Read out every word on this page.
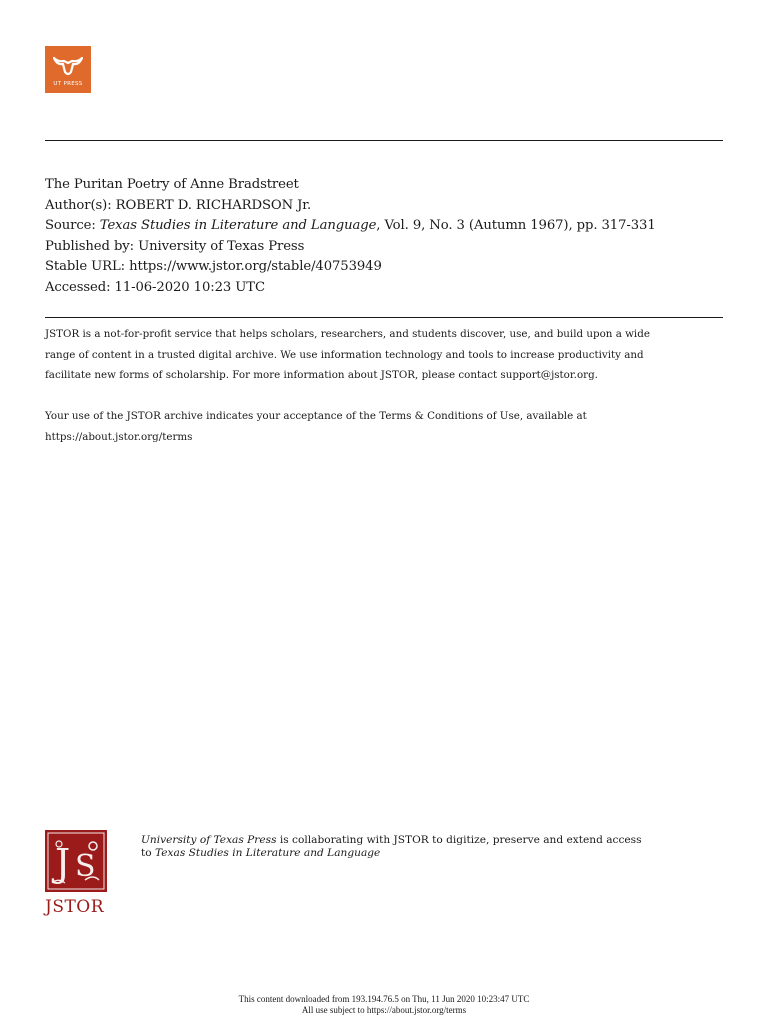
UT PRESS
The Puritan Poetry of Anne Bradstreet
Author(s): ROBERT D. RICHARDSON Jr.
Source: Texas Studies in Literature and Language, Vol. 9, No. 3 (Autumn 1967), pp. 317-331
Published by: University of Texas Press
Stable URL: https://www.jstor.org/stable/40753949
Accessed: 11-06-2020 10:23 UTC

JSTOR is a not-for-profit service that helps scholars, researchers, and students discover, use, and build upon a wide

range of content in a trusted digital archive. We use information technology and tools to increase productivity and

facilitate new forms of scholarship. For more information about JSTOR, please contact support@jstor.org.

Your use of the JSTOR archive indicates your acceptance of the Terms & Conditions of Use, available at

https://about.jstor.org/terms

J S
JSTOR
University of Texas Press is collaborating with JSTOR to digitize, preserve and extend access
to Texas Studies in Literature and Language
This content downloaded from 193.194.76.5 on Thu, 11 Jun 2020 10:23:47 UTC
All use subject to https://about.jstor.org/terms
